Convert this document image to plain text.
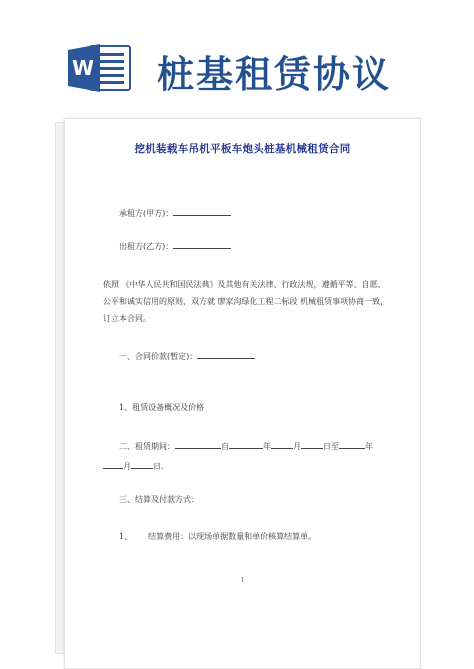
W 桩基租赁协议
挖机装载车吊机平板车炮头桩基机械租赁合同
承租方(甲方)：
出租方(乙方)：
依照 《中华人民共和国民法典》及其他有关法律、行政法规，遵循平等、自愿、
公平和诚实信用的原则，双方就 廖家沟绿化工程二标段 机械租赁事项协商一致，
订立本合同。
一、合同价款(暂定)：
1、租赁设备概况及价格
二、租赁期间：	自	年	月	日至	年
月	日.
三、结算及付款方式：
1、 结算费用：以现场单据数量和单价核算结算单。
1
